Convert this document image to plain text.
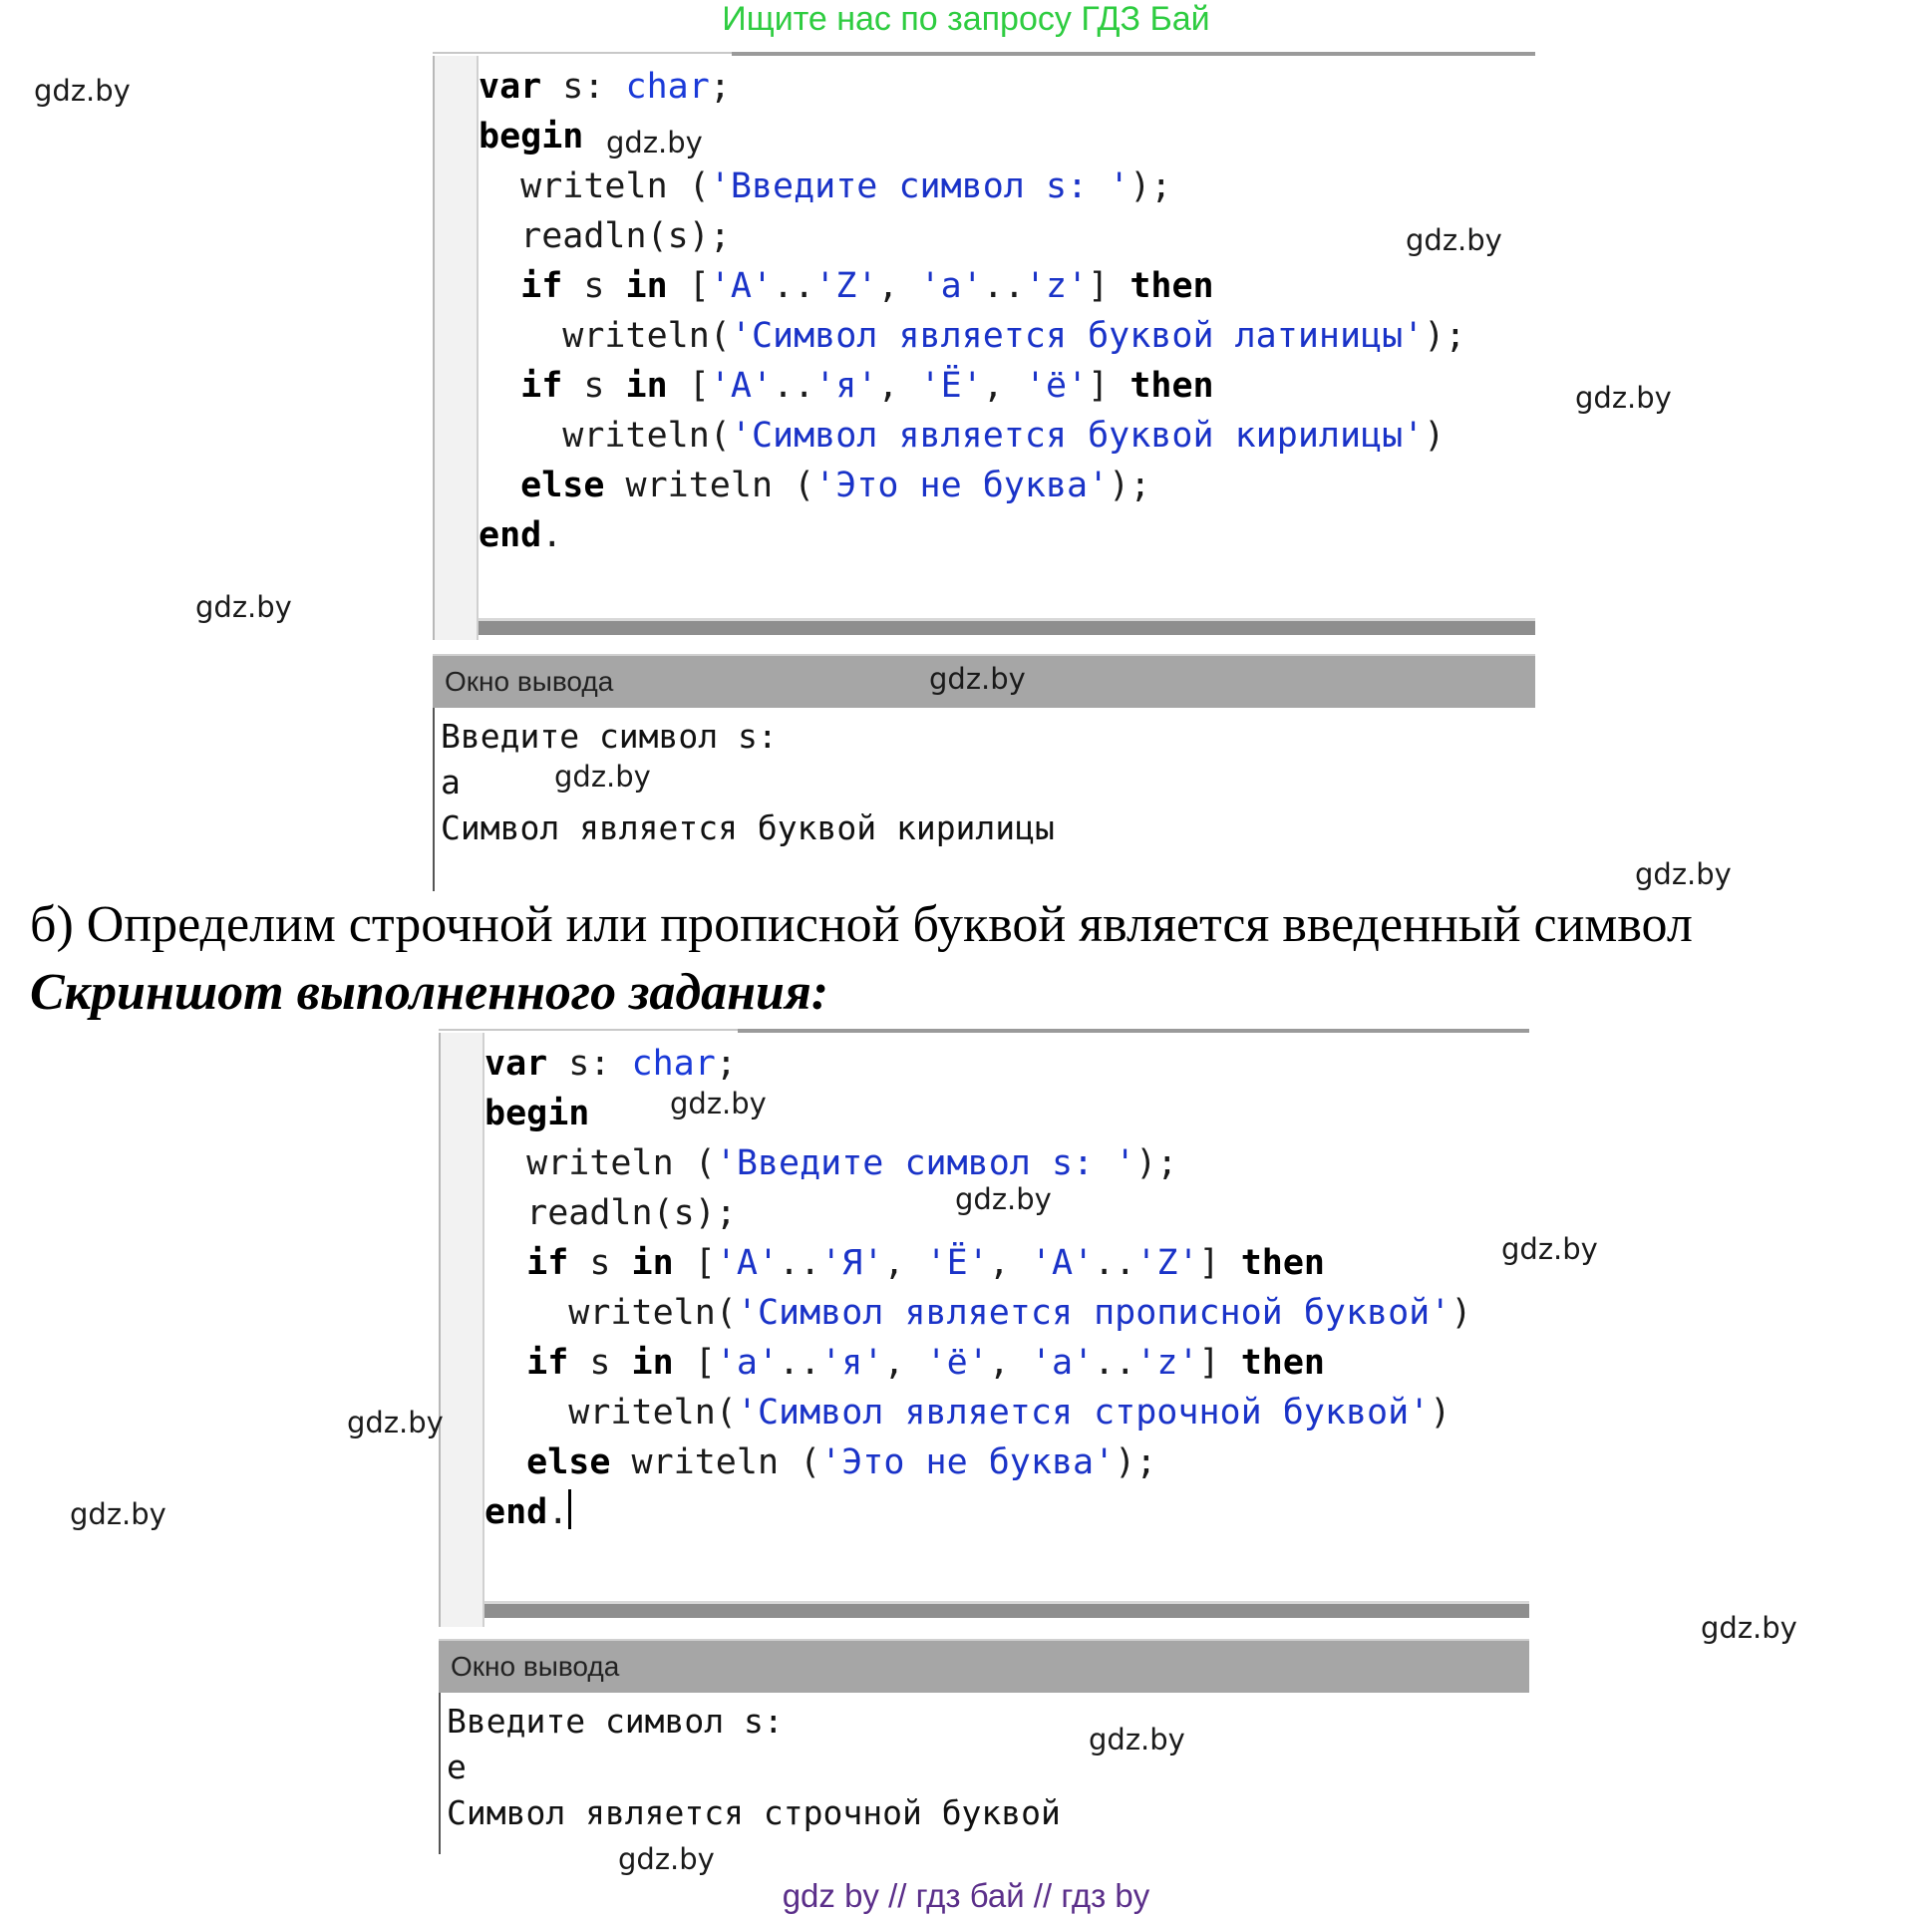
Ищите нас по запросу ГДЗ Бай
var s: char;
begin
writeln ('Введите символ s: ');
readln(s);
if s in ['A'..'Z', 'a'..'z'] then
writeln('Символ является буквой латиницы');
if s in ['А'..'я', 'Ё', 'ё'] then
writeln('Символ является буквой кирилицы')
else writeln ('Это не буква');
end.
Окно вывода
Введите символ s:
а
Символ является буквой кирилицы
б) Определим строчной или прописной буквой является введенный символ
Скриншот выполненного задания:
var s: char;
begin
writeln ('Введите символ s: ');
readln(s);
if s in ['А'..'Я', 'Ё', 'A'..'Z'] then
writeln('Символ является прописной буквой')
if s in ['а'..'я', 'ё', 'a'..'z'] then
writeln('Символ является строчной буквой')
else writeln ('Это не буква');
end.
Окно вывода
Введите символ s:
е
Символ является строчной буквой
gdz.by
gdz.by
gdz.by
gdz.by
gdz.by
gdz.by
gdz.by
gdz.by
gdz.by
gdz.by
gdz.by
gdz.by
gdz.by
gdz.by
gdz.by
gdz.by
gdz by // гдз бай // гдз by
